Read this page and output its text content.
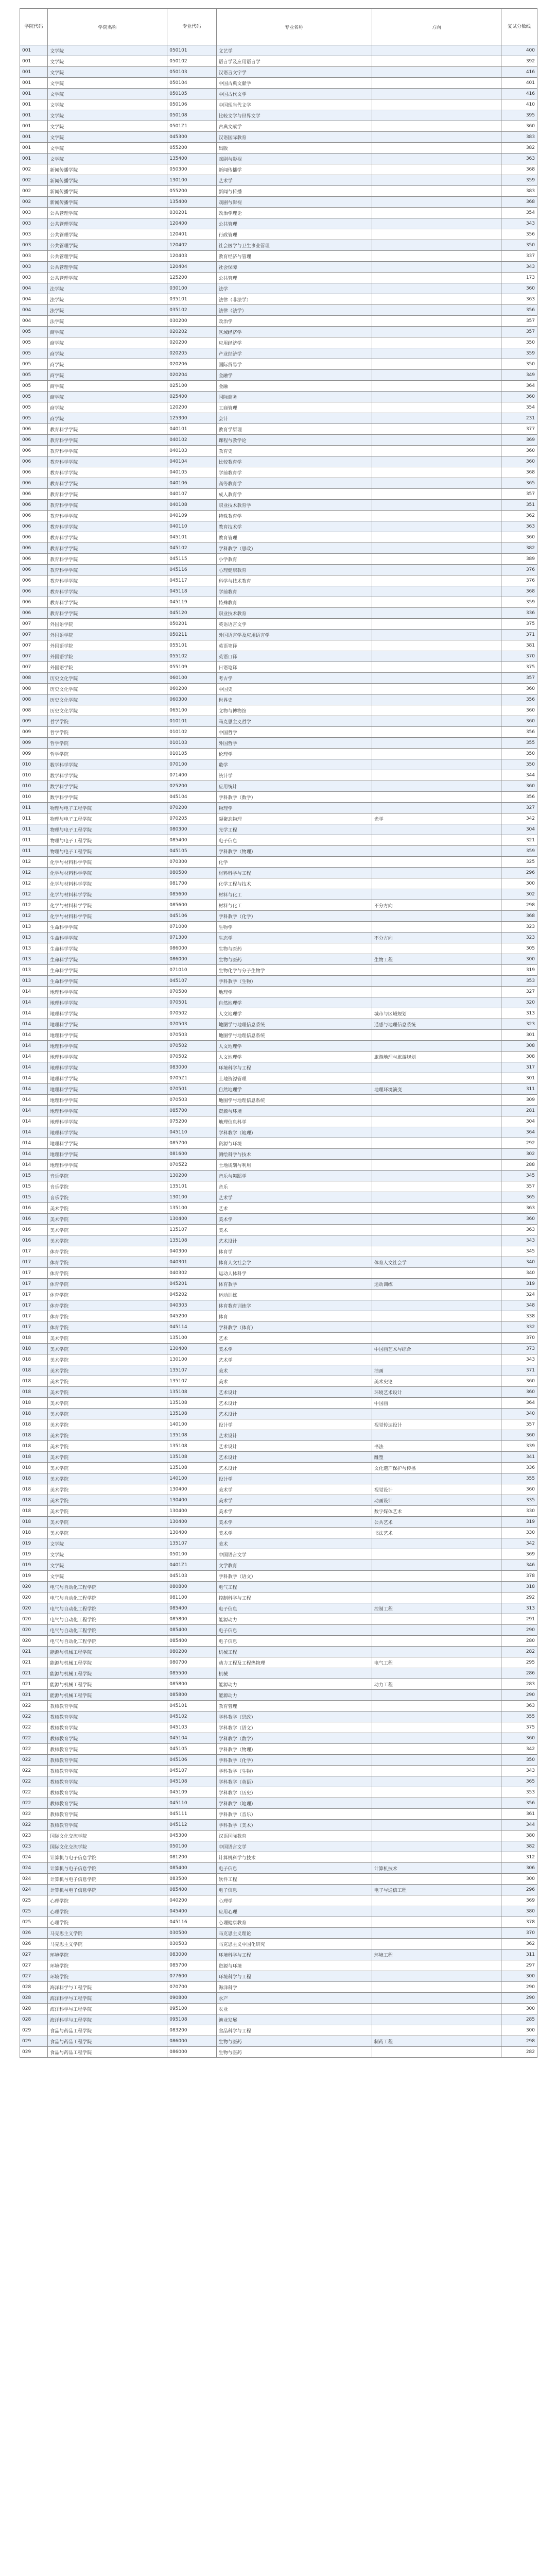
学院代码	学院名称	专业代码	专业名称	方向	复试分数线
001	文学院	050101	文艺学		400
001	文学院	050102	语言学及应用语言学		392
001	文学院	050103	汉语言文字学		416
001	文学院	050104	中国古典文献学		401
001	文学院	050105	中国古代文学		416
001	文学院	050106	中国现当代文学		410
001	文学院	050108	比较文学与世界文学		395
001	文学院	0501Z1	古典文献学		360
001	文学院	045300	汉语国际教育		383
001	文学院	055200	出版		382
001	文学院	135400	戏剧与影视		363
002	新闻传播学院	050300	新闻传播学		368
002	新闻传播学院	130100	艺术学		359
002	新闻传播学院	055200	新闻与传播		383
002	新闻传播学院	135400	戏剧与影视		368
003	公共管理学院	030201	政治学理论		354
003	公共管理学院	120400	公共管理		343
003	公共管理学院	120401	行政管理		356
003	公共管理学院	120402	社会医学与卫生事业管理		350
003	公共管理学院	120403	教育经济与管理		337
003	公共管理学院	120404	社会保障		343
003	公共管理学院	125200	公共管理		173
004	法学院	030100	法学		360
004	法学院	035101	法律（非法学）		363
004	法学院	035102	法律（法学）		356
004	法学院	030200	政治学		357
005	商学院	020202	区域经济学		357
005	商学院	020200	应用经济学		350
005	商学院	020205	产业经济学		359
005	商学院	020206	国际贸易学		350
005	商学院	020204	金融学		349
005	商学院	025100	金融		364
005	商学院	025400	国际商务		360
005	商学院	120200	工商管理		354
005	商学院	125300	会计		231
006	教育科学学院	040101	教育学原理		377
006	教育科学学院	040102	课程与教学论		369
006	教育科学学院	040103	教育史		360
006	教育科学学院	040104	比较教育学		360
006	教育科学学院	040105	学前教育学		368
006	教育科学学院	040106	高等教育学		365
006	教育科学学院	040107	成人教育学		357
006	教育科学学院	040108	职业技术教育学		351
006	教育科学学院	040109	特殊教育学		362
006	教育科学学院	040110	教育技术学		363
006	教育科学学院	045101	教育管理		360
006	教育科学学院	045102	学科教学（思政）		382
006	教育科学学院	045115	小学教育		389
006	教育科学学院	045116	心理健康教育		376
006	教育科学学院	045117	科学与技术教育		376
006	教育科学学院	045118	学前教育		368
006	教育科学学院	045119	特殊教育		359
006	教育科学学院	045120	职业技术教育		336
007	外国语学院	050201	英语语言文学		375
007	外国语学院	050211	外国语言学及应用语言学		371
007	外国语学院	055101	英语笔译		381
007	外国语学院	055102	英语口译		370
007	外国语学院	055109	日语笔译		375
008	历史文化学院	060100	考古学		357
008	历史文化学院	060200	中国史		360
008	历史文化学院	060300	世界史		356
008	历史文化学院	065100	文物与博物馆		360
009	哲学学院	010101	马克思主义哲学		360
009	哲学学院	010102	中国哲学		356
009	哲学学院	010103	外国哲学		355
009	哲学学院	010105	伦理学		350
010	数学科学学院	070100	数学		350
010	数学科学学院	071400	统计学		344
010	数学科学学院	025200	应用统计		360
010	数学科学学院	045104	学科教学（数学）		356
011	物理与电子工程学院	070200	物理学		327
011	物理与电子工程学院	070205	凝聚态物理	光学	342
011	物理与电子工程学院	080300	光学工程		304
011	物理与电子工程学院	085400	电子信息		321
011	物理与电子工程学院	045105	学科教学（物理）		359
012	化学与材料科学学院	070300	化学		325
012	化学与材料科学学院	080500	材料科学与工程		296
012	化学与材料科学学院	081700	化学工程与技术		300
012	化学与材料科学学院	085600	材料与化工		302
012	化学与材料科学学院	085600	材料与化工	不分方向	298
012	化学与材料科学学院	045106	学科教学（化学）		368
013	生命科学学院	071000	生物学		323
013	生命科学学院	071300	生态学	不分方向	323
013	生命科学学院	086000	生物与医药		305
013	生命科学学院	086000	生物与医药	生物工程	300
013	生命科学学院	071010	生物化学与分子生物学		319
013	生命科学学院	045107	学科教学（生物）		353
014	地理科学学院	070500	地理学		327
014	地理科学学院	070501	自然地理学		320
014	地理科学学院	070502	人文地理学	城市与区域规划	313
014	地理科学学院	070503	地图学与地理信息系统	遥感与地理信息系统	323
014	地理科学学院	070503	地图学与地理信息系统		301
014	地理科学学院	070502	人文地理学		308
014	地理科学学院	070502	人文地理学	旅游地理与旅游规划	308
014	地理科学学院	083000	环境科学与工程		317
014	地理科学学院	0705Z1	土地资源管理		301
014	地理科学学院	070501	自然地理学	地理环境演变	311
014	地理科学学院	070503	地图学与地理信息系统		309
014	地理科学学院	085700	资源与环境		281
014	地理科学学院	075200	地理信息科学		304
014	地理科学学院	045110	学科教学（地理）		364
014	地理科学学院	085700	资源与环境		292
014	地理科学学院	081600	测绘科学与技术		302
014	地理科学学院	0705Z2	土地规划与利用		288
015	音乐学院	130200	音乐与舞蹈学		345
015	音乐学院	135101	音乐		357
015	音乐学院	130100	艺术学		365
016	美术学院	135100	艺术		363
016	美术学院	130400	美术学		360
016	美术学院	135107	美术		363
016	美术学院	135108	艺术设计		343
017	体育学院	040300	体育学		345
017	体育学院	040301	体育人文社会学	体育人文社会学	340
017	体育学院	040302	运动人体科学		340
017	体育学院	045201	体育教学	运动训练	319
017	体育学院	045202	运动训练		324
017	体育学院	040303	体育教育训练学		348
017	体育学院	045200	体育		338
017	体育学院	045114	学科教学（体育）		332
018	美术学院	135100	艺术		370
018	美术学院	130400	美术学	中国画艺术与综合	373
018	美术学院	130100	艺术学		343
018	美术学院	135107	美术	油画	371
018	美术学院	135107	美术	美术史论	360
018	美术学院	135108	艺术设计	环境艺术设计	360
018	美术学院	135108	艺术设计	中国画	364
018	美术学院	135108	艺术设计		340
018	美术学院	140100	设计学	视觉传达设计	357
018	美术学院	135108	艺术设计		360
018	美术学院	135108	艺术设计	书法	339
018	美术学院	135108	艺术设计	雕塑	341
018	美术学院	135108	艺术设计	文化遗产保护与传播	336
018	美术学院	140100	设计学		355
018	美术学院	130400	美术学	视觉设计	360
018	美术学院	130400	美术学	动画设计	335
018	美术学院	130400	美术学	数字媒体艺术	330
018	美术学院	130400	美术学	公共艺术	319
018	美术学院	130400	美术学	书法艺术	330
019	文学院	135107	美术		342
019	文学院	050100	中国语言文学		369
019	文学院	0401Z1	文学教育		346
019	文学院	045103	学科教学（语文）		378
020	电气与自动化工程学院	080800	电气工程		318
020	电气与自动化工程学院	081100	控制科学与工程		292
020	电气与自动化工程学院	085400	电子信息	控制工程	313
020	电气与自动化工程学院	085800	能源动力		291
020	电气与自动化工程学院	085400	电子信息		290
020	电气与自动化工程学院	085400	电子信息		280
021	能源与机械工程学院	080200	机械工程		282
021	能源与机械工程学院	080700	动力工程及工程热物理	电气工程	295
021	能源与机械工程学院	085500	机械		286
021	能源与机械工程学院	085800	能源动力	动力工程	283
021	能源与机械工程学院	085800	能源动力		290
022	教师教育学院	045101	教育管理		363
022	教师教育学院	045102	学科教学（思政）		355
022	教师教育学院	045103	学科教学（语文）		375
022	教师教育学院	045104	学科教学（数学）		360
022	教师教育学院	045105	学科教学（物理）		342
022	教师教育学院	045106	学科教学（化学）		350
022	教师教育学院	045107	学科教学（生物）		343
022	教师教育学院	045108	学科教学（英语）		365
022	教师教育学院	045109	学科教学（历史）		353
022	教师教育学院	045110	学科教学（地理）		356
022	教师教育学院	045111	学科教学（音乐）		361
022	教师教育学院	045112	学科教学（美术）		344
023	国际文化交流学院	045300	汉语国际教育		380
023	国际文化交流学院	050100	中国语言文学		382
024	计算机与电子信息学院	081200	计算机科学与技术		312
024	计算机与电子信息学院	085400	电子信息	计算机技术	306
024	计算机与电子信息学院	083500	软件工程		300
024	计算机与电子信息学院	085400	电子信息	电子与通信工程	296
025	心理学院	040200	心理学		369
025	心理学院	045400	应用心理		380
025	心理学院	045116	心理健康教育		378
026	马克思主义学院	030500	马克思主义理论		370
026	马克思主义学院	030503	马克思主义中国化研究		362
027	环境学院	083000	环境科学与工程	环境工程	311
027	环境学院	085700	资源与环境		297
027	环境学院	077600	环境科学与工程		300
028	海洋科学与工程学院	070700	海洋科学		290
028	海洋科学与工程学院	090800	水产		290
028	海洋科学与工程学院	095100	农业		300
028	海洋科学与工程学院	095108	渔业发展		285
029	食品与药品工程学院	083200	食品科学与工程		300
029	食品与药品工程学院	086000	生物与医药	制药工程	298
029	食品与药品工程学院	086000	生物与医药		282
